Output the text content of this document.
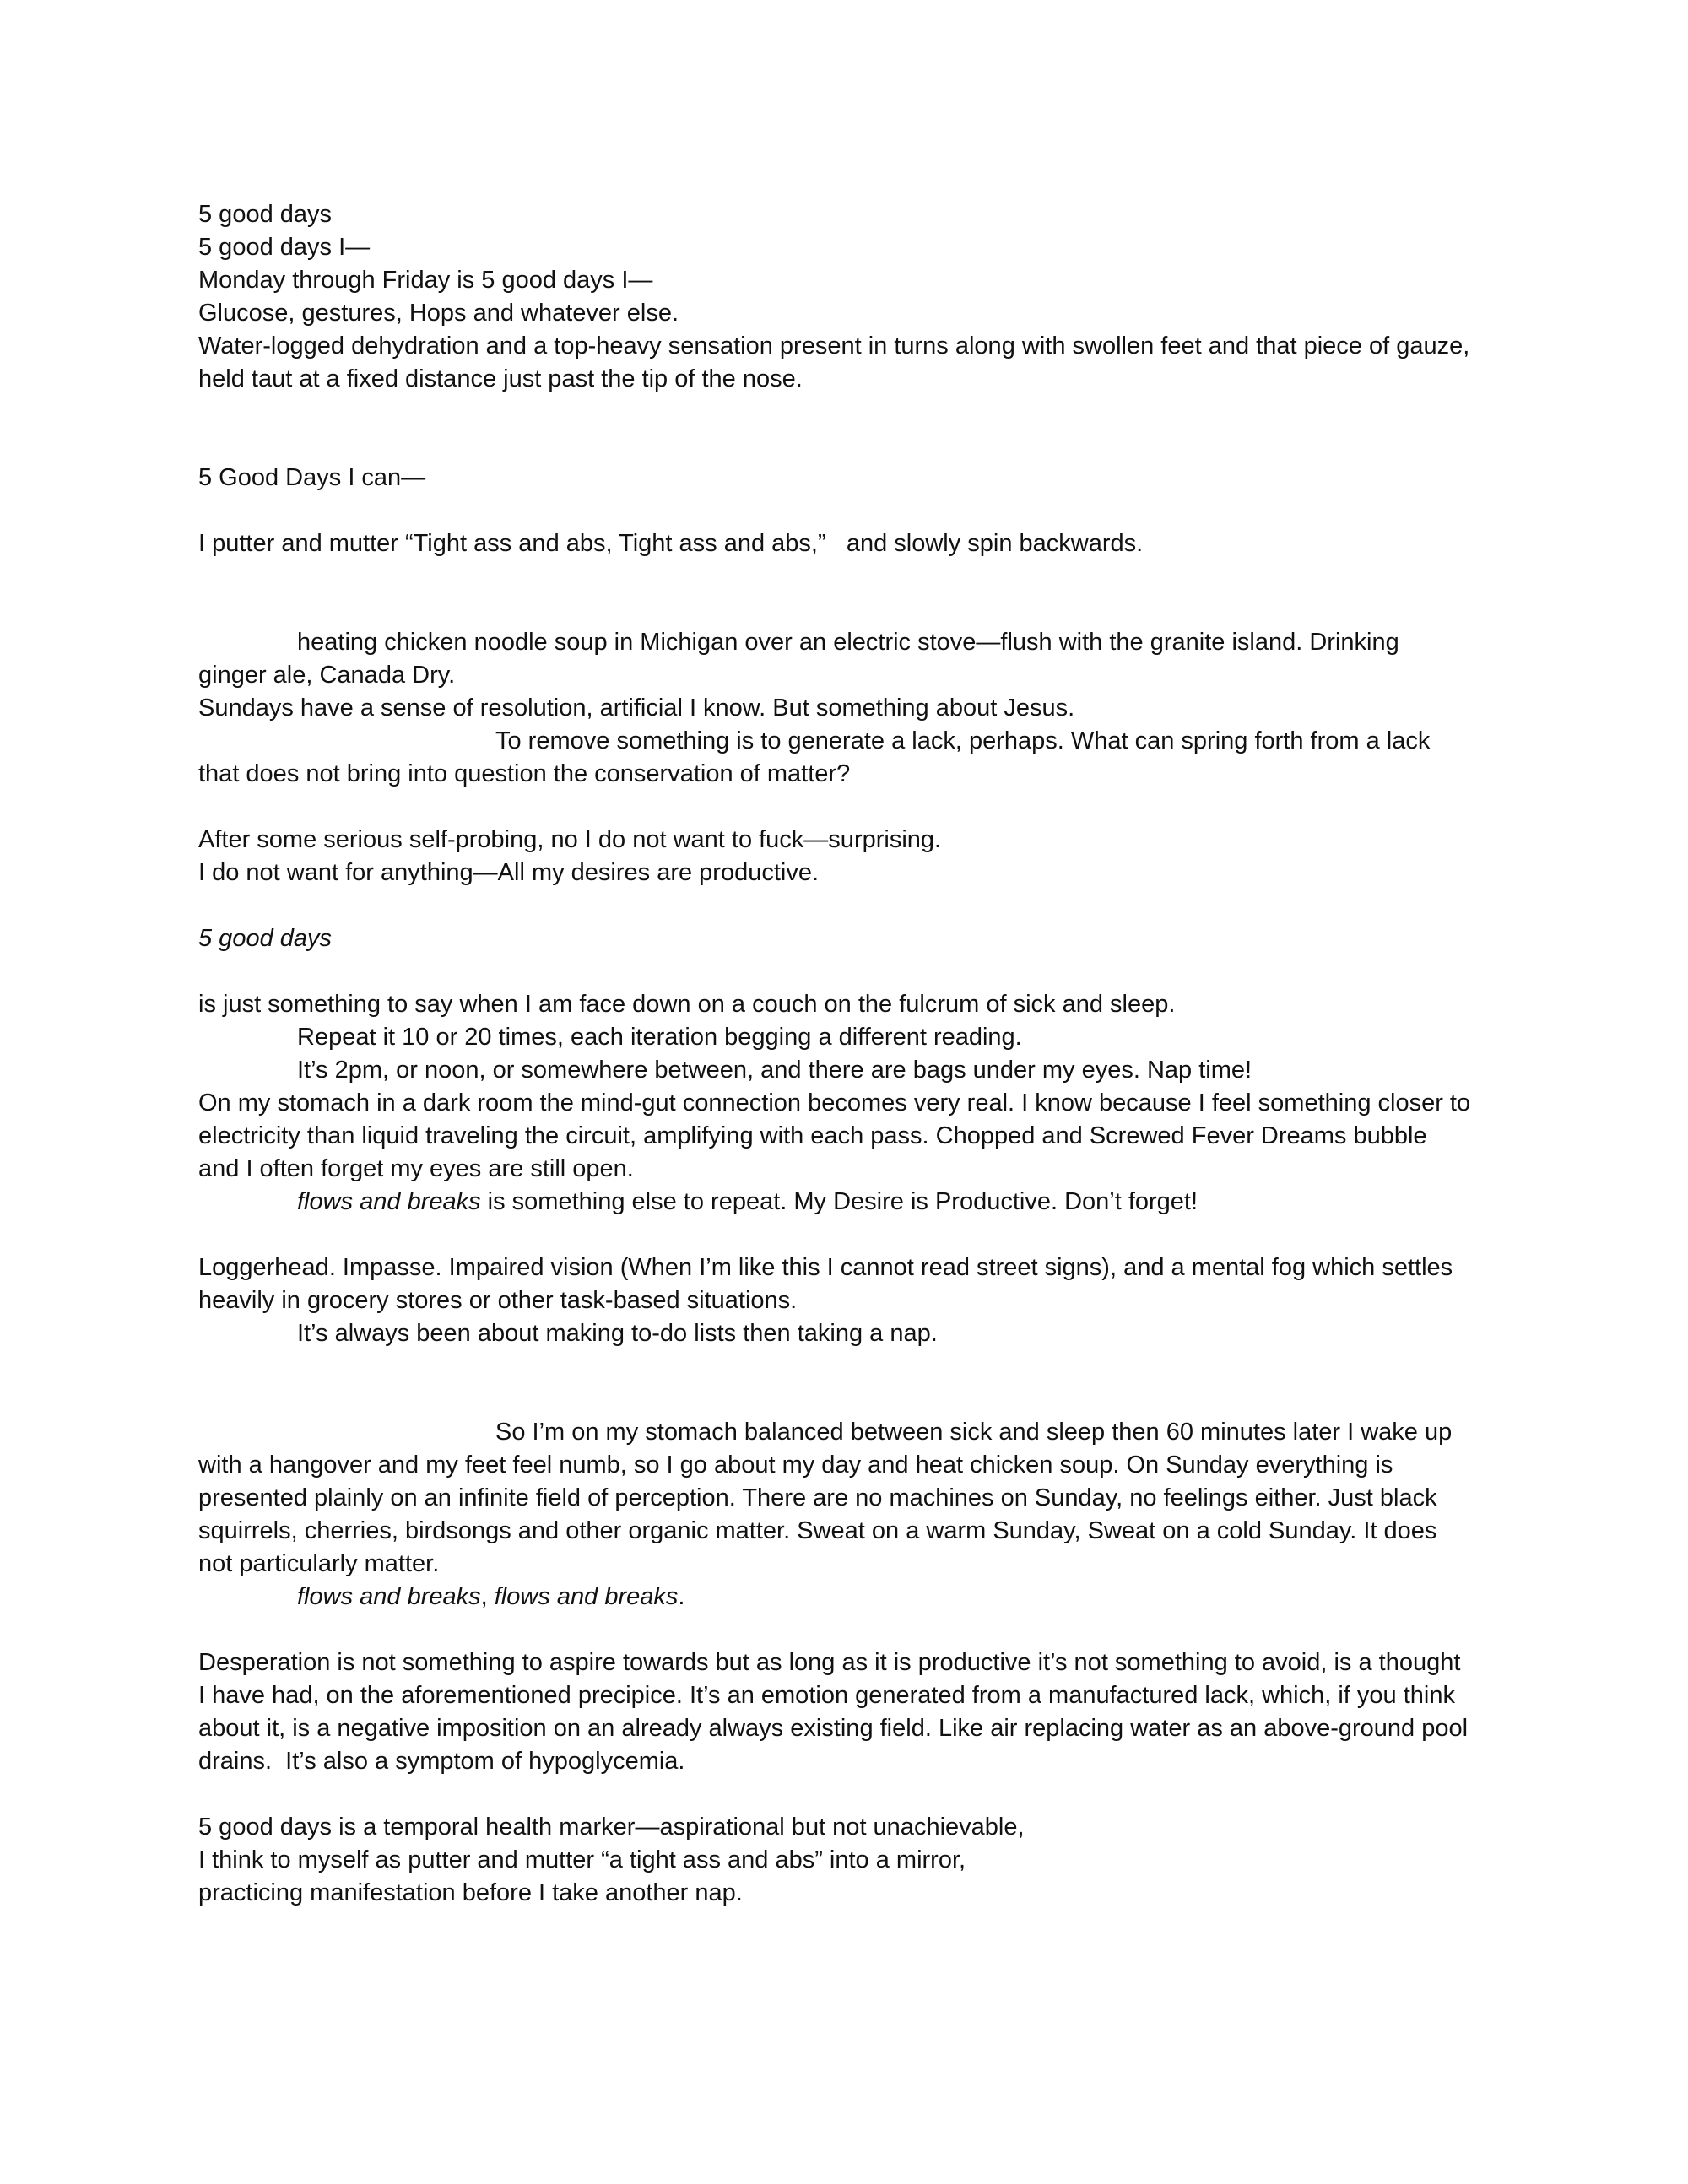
5 good days

5 good days I—

Monday through Friday is 5 good days I—

Glucose, gestures, Hops and whatever else.

Water-logged dehydration and a top-heavy sensation present in turns along with swollen feet and that piece of gauze,

held taut at a fixed distance just past the tip of the nose.

5 Good Days I can—

I putter and mutter “Tight ass and abs, Tight ass and abs,”   and slowly spin backwards.

heating chicken noodle soup in Michigan over an electric stove—flush with the granite island. Drinking

ginger ale, Canada Dry.

Sundays have a sense of resolution, artificial I know. But something about Jesus.

To remove something is to generate a lack, perhaps. What can spring forth from a lack

that does not bring into question the conservation of matter?

After some serious self-probing, no I do not want to fuck—surprising.

I do not want for anything—All my desires are productive.

5 good days

is just something to say when I am face down on a couch on the fulcrum of sick and sleep.

Repeat it 10 or 20 times, each iteration begging a different reading.

It’s 2pm, or noon, or somewhere between, and there are bags under my eyes. Nap time!

On my stomach in a dark room the mind-gut connection becomes very real. I know because I feel something closer to

electricity than liquid traveling the circuit, amplifying with each pass. Chopped and Screwed Fever Dreams bubble

and I often forget my eyes are still open.

flows and breaks is something else to repeat. My Desire is Productive. Don’t forget!

Loggerhead. Impasse. Impaired vision (When I’m like this I cannot read street signs), and a mental fog which settles

heavily in grocery stores or other task-based situations.

It’s always been about making to-do lists then taking a nap.

So I’m on my stomach balanced between sick and sleep then 60 minutes later I wake up

with a hangover and my feet feel numb, so I go about my day and heat chicken soup. On Sunday everything is

presented plainly on an infinite field of perception. There are no machines on Sunday, no feelings either. Just black

squirrels, cherries, birdsongs and other organic matter. Sweat on a warm Sunday, Sweat on a cold Sunday. It does

not particularly matter.

flows and breaks, flows and breaks.

Desperation is not something to aspire towards but as long as it is productive it’s not something to avoid, is a thought

I have had, on the aforementioned precipice. It’s an emotion generated from a manufactured lack, which, if you think

about it, is a negative imposition on an already always existing field. Like air replacing water as an above-ground pool

drains.  It’s also a symptom of hypoglycemia.

5 good days is a temporal health marker—aspirational but not unachievable,

I think to myself as putter and mutter “a tight ass and abs” into a mirror,

practicing manifestation before I take another nap.
